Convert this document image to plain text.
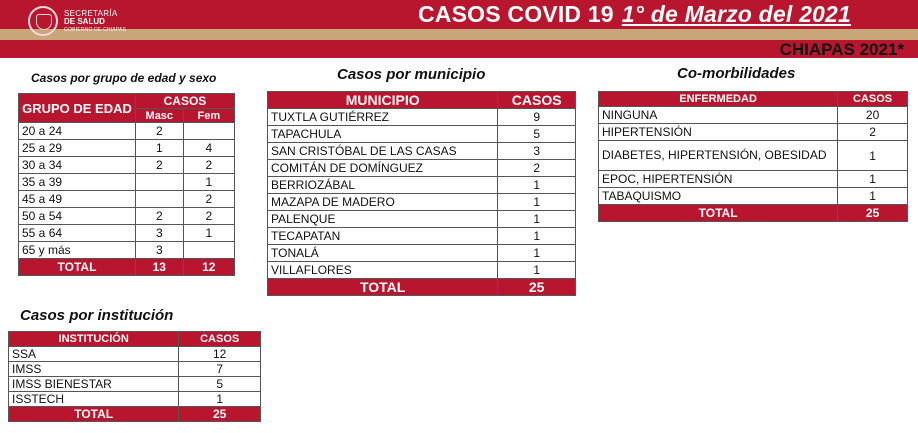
SECRETARÍA
DE SALUD
GOBIERNO DE CHIAPAS
CASOS COVID 19 1° de Marzo del 2021
CHIAPAS 2021*
Casos por grupo de edad y sexo
GRUPO DE EDAD	CASOS	
	Masc	Fem
20 a 24	2	
25 a 29	1	4
30 a 34	2	2
35 a 39		1
45 a 49		2
50 a 54	2	2
55 a 64	3	1
65 y más	3	
TOTAL	13	12
Casos por municipio
MUNICIPIO	CASOS
TUXTLA GUTIÉRREZ	9
TAPACHULA	5
SAN CRISTÓBAL DE LAS CASAS	3
COMITÁN DE DOMÍNGUEZ	2
BERRIOZÁBAL	1
MAZAPA DE MADERO	1
PALENQUE	1
TECAPATAN	1
TONALÁ	1
VILLAFLORES	1
TOTAL	25
Co-morbilidades
ENFERMEDAD	CASOS
NINGUNA	20
HIPERTENSIÓN	2
DIABETES, HIPERTENSIÓN, OBESIDAD	1
EPOC, HIPERTENSIÓN	1
TABAQUISMO	1
TOTAL	25
Casos por institución
INSTITUCIÓN	CASOS
SSA	12
IMSS	7
IMSS BIENESTAR	5
ISSTECH	1
TOTAL	25
